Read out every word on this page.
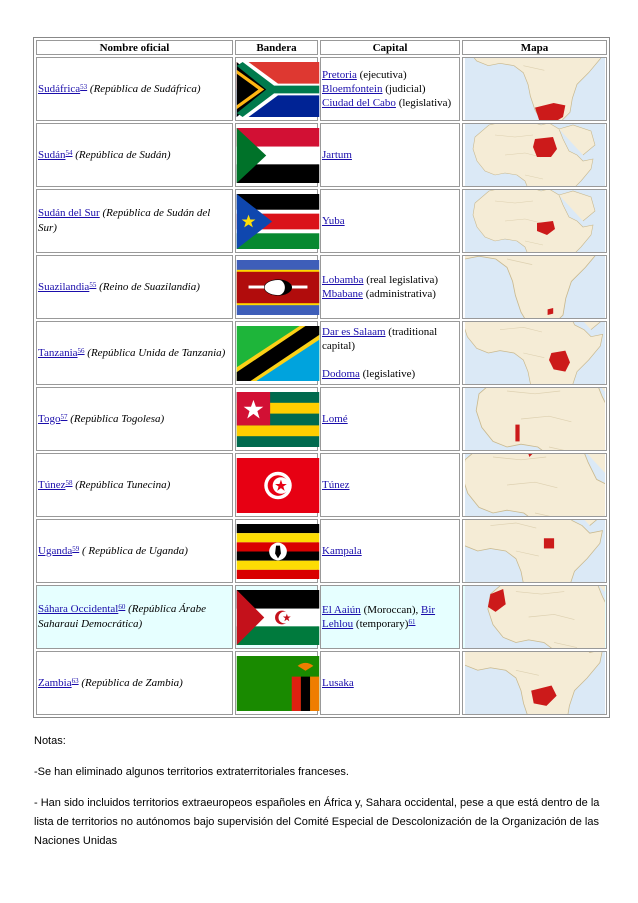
Nombre oficial	Bandera	Capital	Mapa
Sudáfrica$^{53}$ (República de Sudáfrica)		Pretoria (ejecutiva)
Bloemfontein (judicial)
Ciudad del Cabo (legislativa)	

Sudán$^{54}$ (República de Sudán)		Jartum	

Sudán del Sur (República de Sudán del Sur)		Yuba	

Suazilandia$^{55}$ (Reino de Suazilandia)		Lobamba (real legislativa)
Mbabane (administrativa)	

Tanzania$^{56}$ (República Unida de Tanzania)		Dar es Salaam (traditional capital)

Dodoma (legislative)	

Togo$^{57}$ (República Togolesa)		Lomé	

Túnez$^{58}$ (República Tunecina)		Túnez	

Uganda$^{59}$ ( República de Uganda)		Kampala	

Sáhara Occidental$^{60}$ (República Árabe Saharaui Democrática)		El Aaiún (Moroccan), Bir Lehlou (temporary)$^{61}$	

Zambia$^{63}$ (República de Zambia)		Lusaka	

Notas:

-Se han eliminado algunos territorios extraterritoriales franceses.

- Han sido incluidos territorios extraeuropeos españoles en África y, Sahara occidental, pese a que está dentro de la lista de territorios no autónomos bajo supervisión del Comité Especial de Descolonización de la Organización de las Naciones Unidas
